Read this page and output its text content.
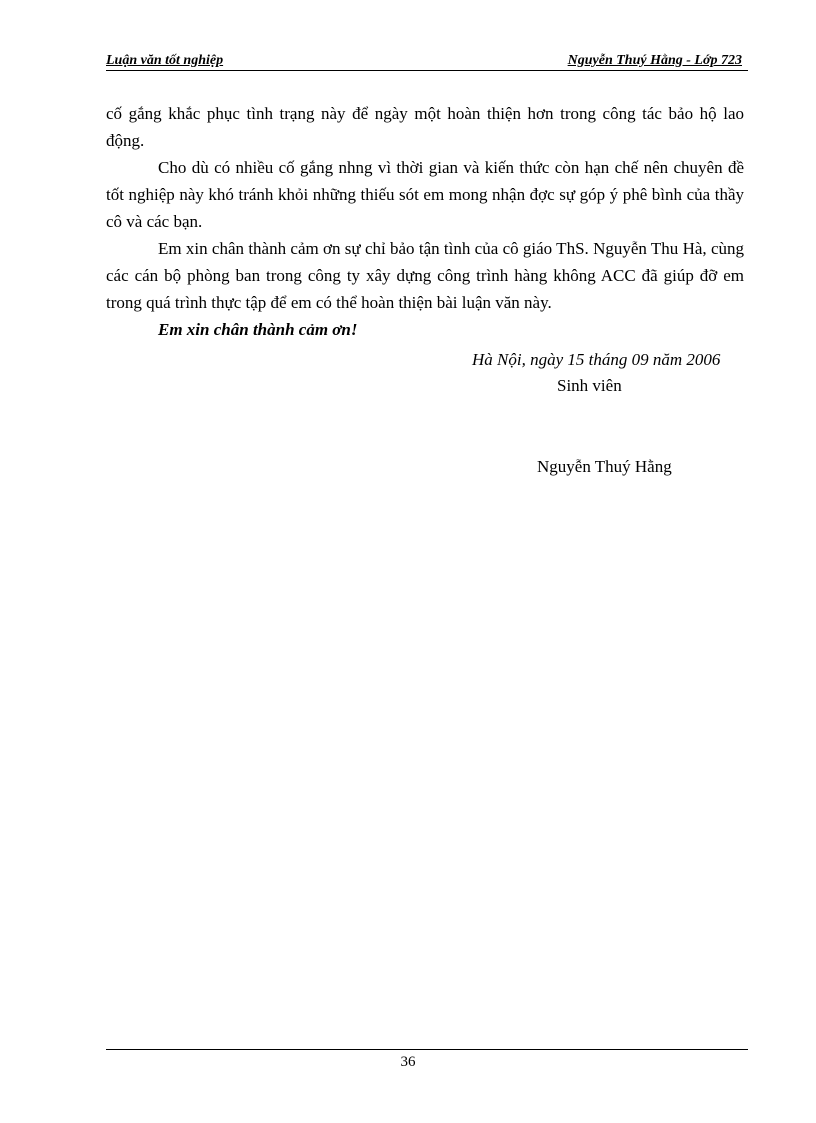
Luận văn tốt nghiệp	Nguyễn Thuý Hằng - Lớp 723

cố gắng khắc phục tình trạng này để ngày một hoàn thiện hơn trong công tác bảo hộ lao động.

Cho dù có nhiều cố gắng nhng vì thời gian và kiến thức còn hạn chế nên chuyên đề tốt nghiệp này khó tránh khỏi những thiếu sót em mong nhận đợc sự góp ý phê bình của thầy cô và các bạn.

Em xin chân thành cảm ơn sự chỉ bảo tận tình của cô giáo ThS. Nguyễn Thu Hà, cùng các cán bộ phòng ban trong công ty xây dựng công trình hàng không ACC đã giúp đỡ em trong quá trình thực tập để em có thể hoàn thiện bài luận văn này.

Em xin chân thành cảm ơn!

Hà Nội, ngày 15 tháng 09 năm 2006
Sinh viên
Nguyễn Thuý Hằng
36
